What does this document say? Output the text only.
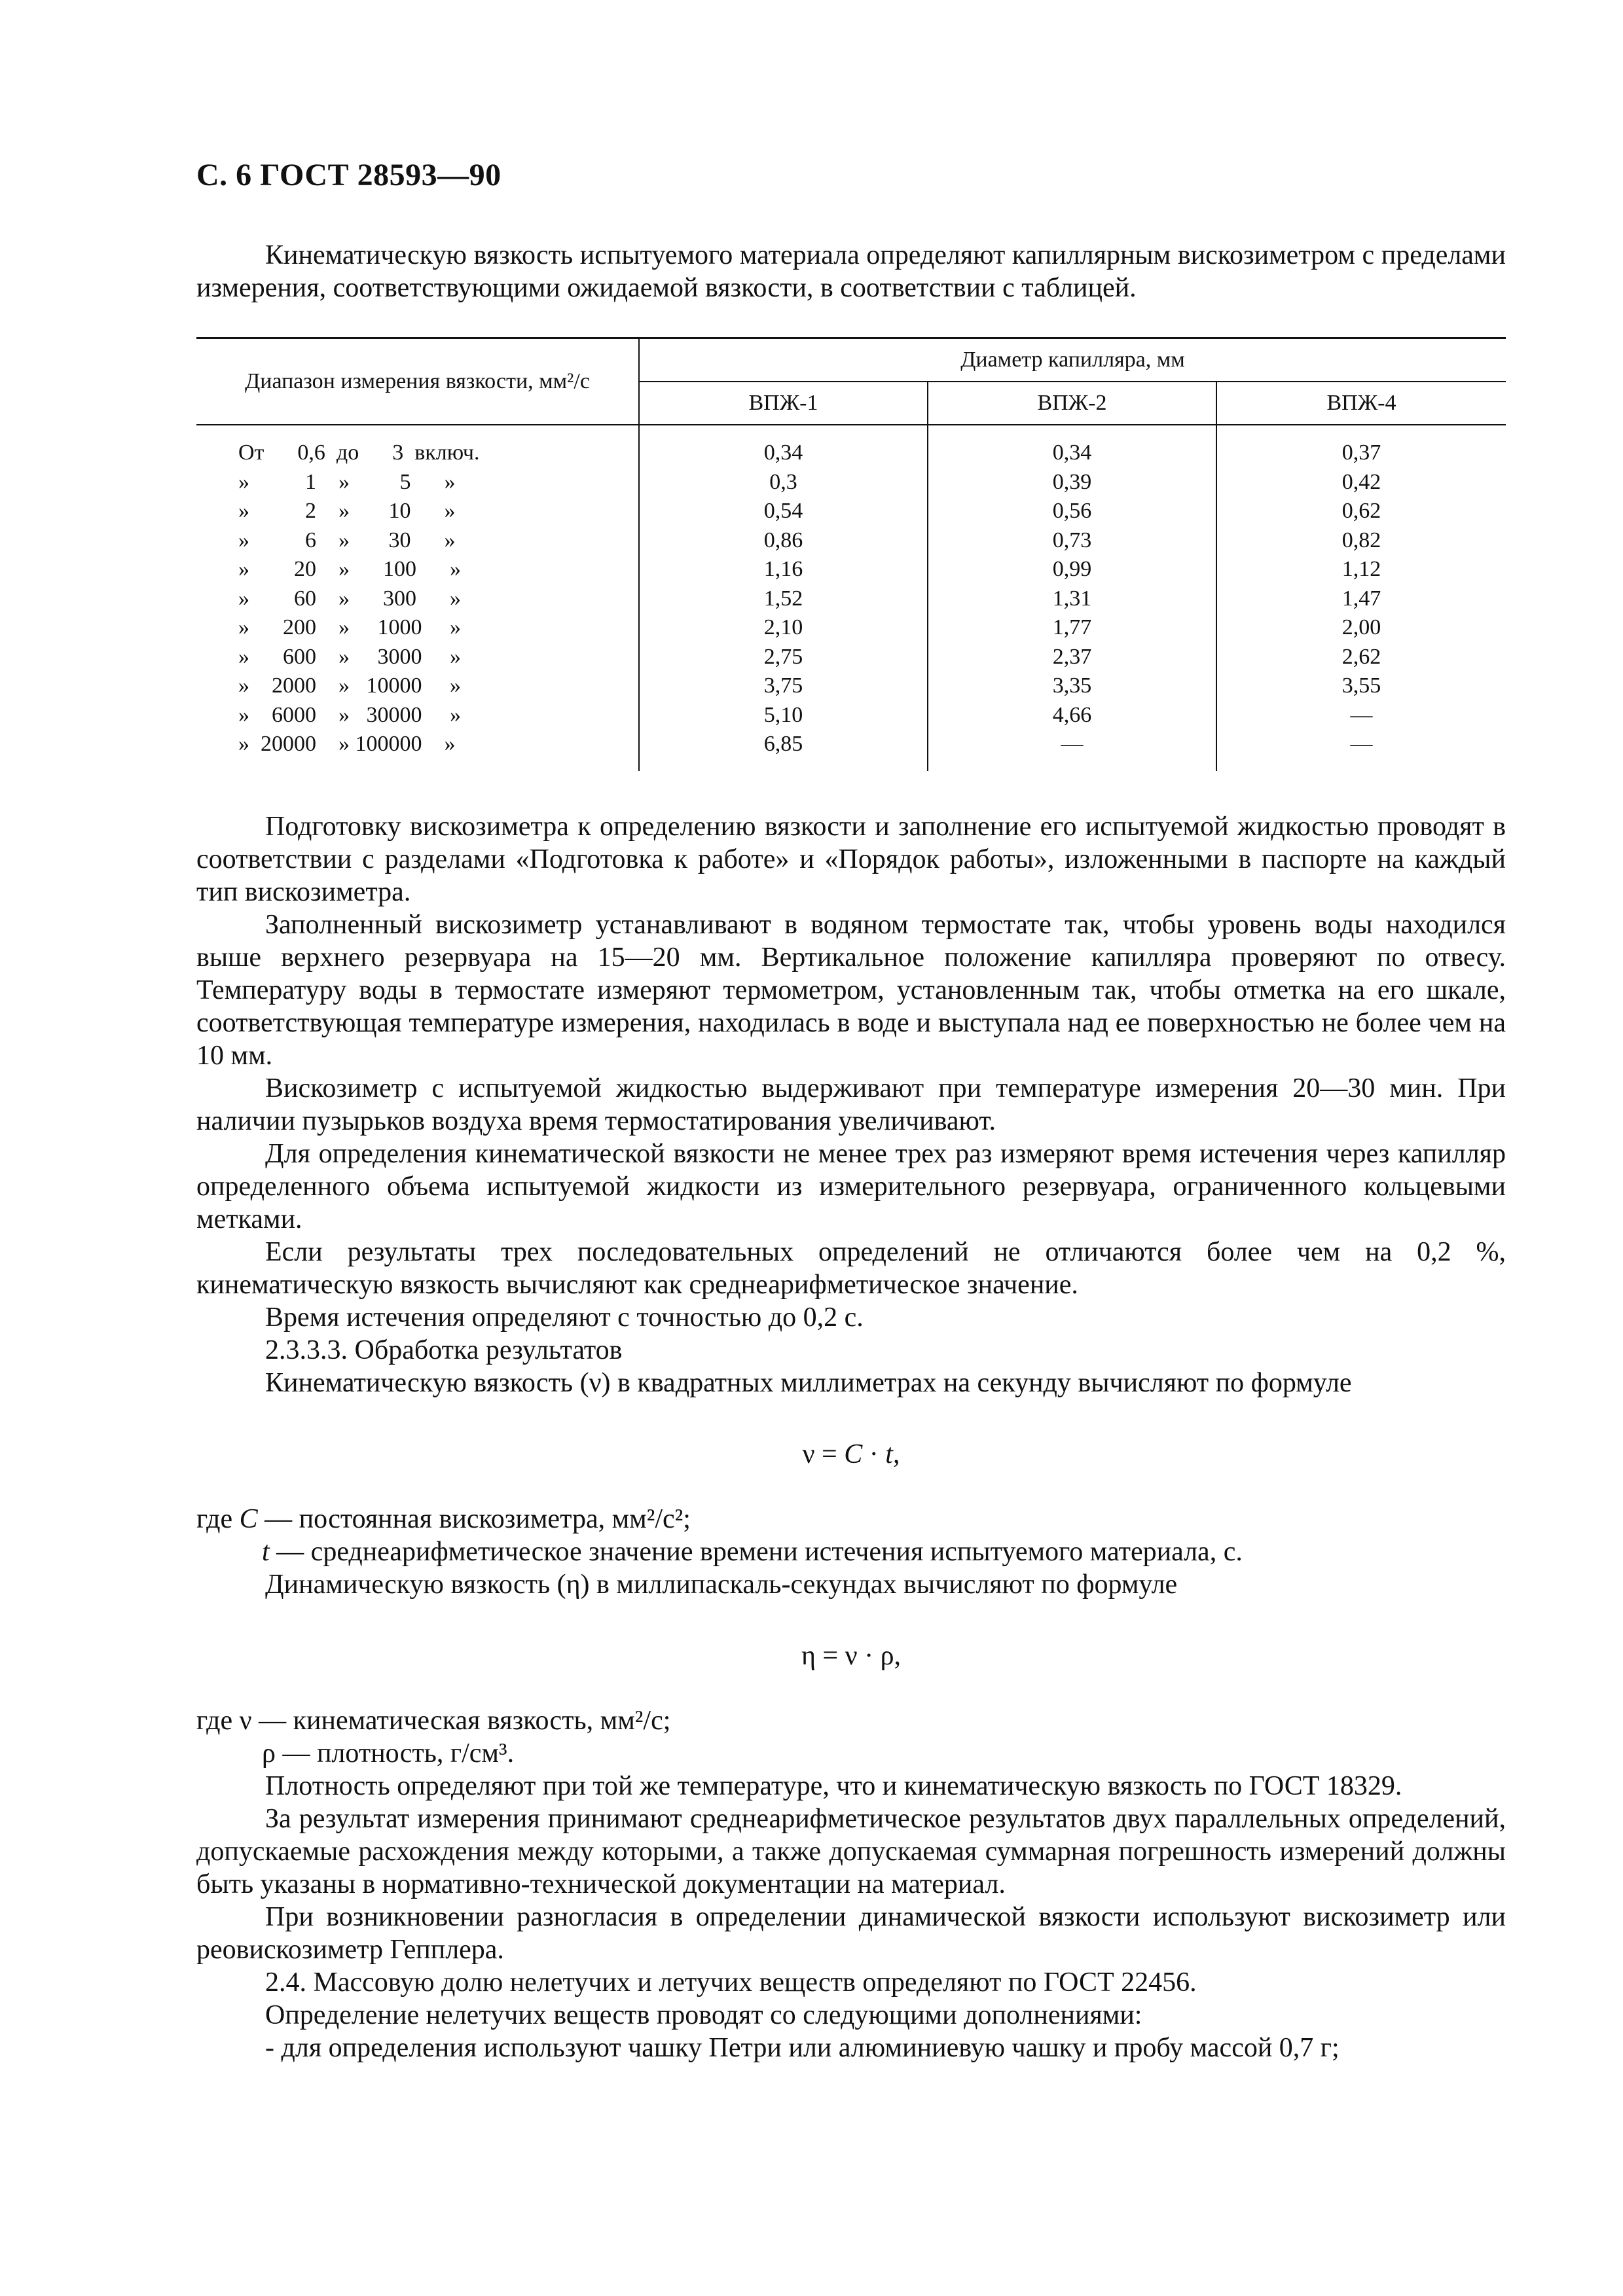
С. 6 ГОСТ 28593—90

Кинематическую вязкость испытуемого материала определяют капиллярным вискозиметром с пределами измерения, соответствующими ожидаемой вязкости, в соответствии с таблицей.

Диапазон измерения вязкости, мм²/с	Диаметр капилляра, мм		
	ВПЖ-1	ВПЖ-2	ВПЖ-4
От      0,6  до      3  включ.	0,34	0,34	0,37
»          1    »         5      »	0,3	0,39	0,42
»          2    »       10      »	0,54	0,56	0,62
»          6    »       30      »	0,86	0,73	0,82
»        20    »      100      »	1,16	0,99	1,12
»        60    »      300      »	1,52	1,31	1,47
»      200    »     1000     »	2,10	1,77	2,00
»      600    »     3000     »	2,75	2,37	2,62
»    2000    »   10000     »	3,75	3,35	3,55
»    6000    »   30000     »	5,10	4,66	—
»  20000    » 100000    »	6,85	—	—

Подготовку вискозиметра к определению вязкости и заполнение его испытуемой жидкостью проводят в соответствии с разделами «Подготовка к работе» и «Порядок работы», изложенными в паспорте на каждый тип вискозиметра.

Заполненный вискозиметр устанавливают в водяном термостате так, чтобы уровень воды находился выше верхнего резервуара на 15—20 мм. Вертикальное положение капилляра проверяют по отвесу. Температуру воды в термостате измеряют термометром, установленным так, чтобы отметка на его шкале, соответствующая температуре измерения, находилась в воде и выступала над ее поверхностью не более чем на 10 мм.

Вискозиметр с испытуемой жидкостью выдерживают при температуре измерения 20—30 мин. При наличии пузырьков воздуха время термостатирования увеличивают.

Для определения кинематической вязкости не менее трех раз измеряют время истечения через капилляр определенного объема испытуемой жидкости из измерительного резервуара, ограниченного кольцевыми метками.

Если результаты трех последовательных определений не отличаются более чем на 0,2 %, кинематическую вязкость вычисляют как среднеарифметическое значение.

Время истечения определяют с точностью до 0,2 с.

2.3.3.3. Обработка результатов

Кинематическую вязкость (ν) в квадратных миллиметрах на секунду вычисляют по формуле

ν = C · t,

где C — постоянная вискозиметра, мм²/с²;

t — среднеарифметическое значение времени истечения испытуемого материала, с.

Динамическую вязкость (η) в миллипаскаль-секундах вычисляют по формуле

η = ν · ρ,

где ν — кинематическая вязкость, мм²/с;

ρ — плотность, г/см³.

Плотность определяют при той же температуре, что и кинематическую вязкость по ГОСТ 18329.

За результат измерения принимают среднеарифметическое результатов двух параллельных определений, допускаемые расхождения между которыми, а также допускаемая суммарная погрешность измерений должны быть указаны в нормативно-технической документации на материал.

При возникновении разногласия в определении динамической вязкости используют вискозиметр или реовискозиметр Гепплера.

2.4. Массовую долю нелетучих и летучих веществ определяют по ГОСТ 22456.

Определение нелетучих веществ проводят со следующими дополнениями:

- для определения используют чашку Петри или алюминиевую чашку и пробу массой 0,7 г;
